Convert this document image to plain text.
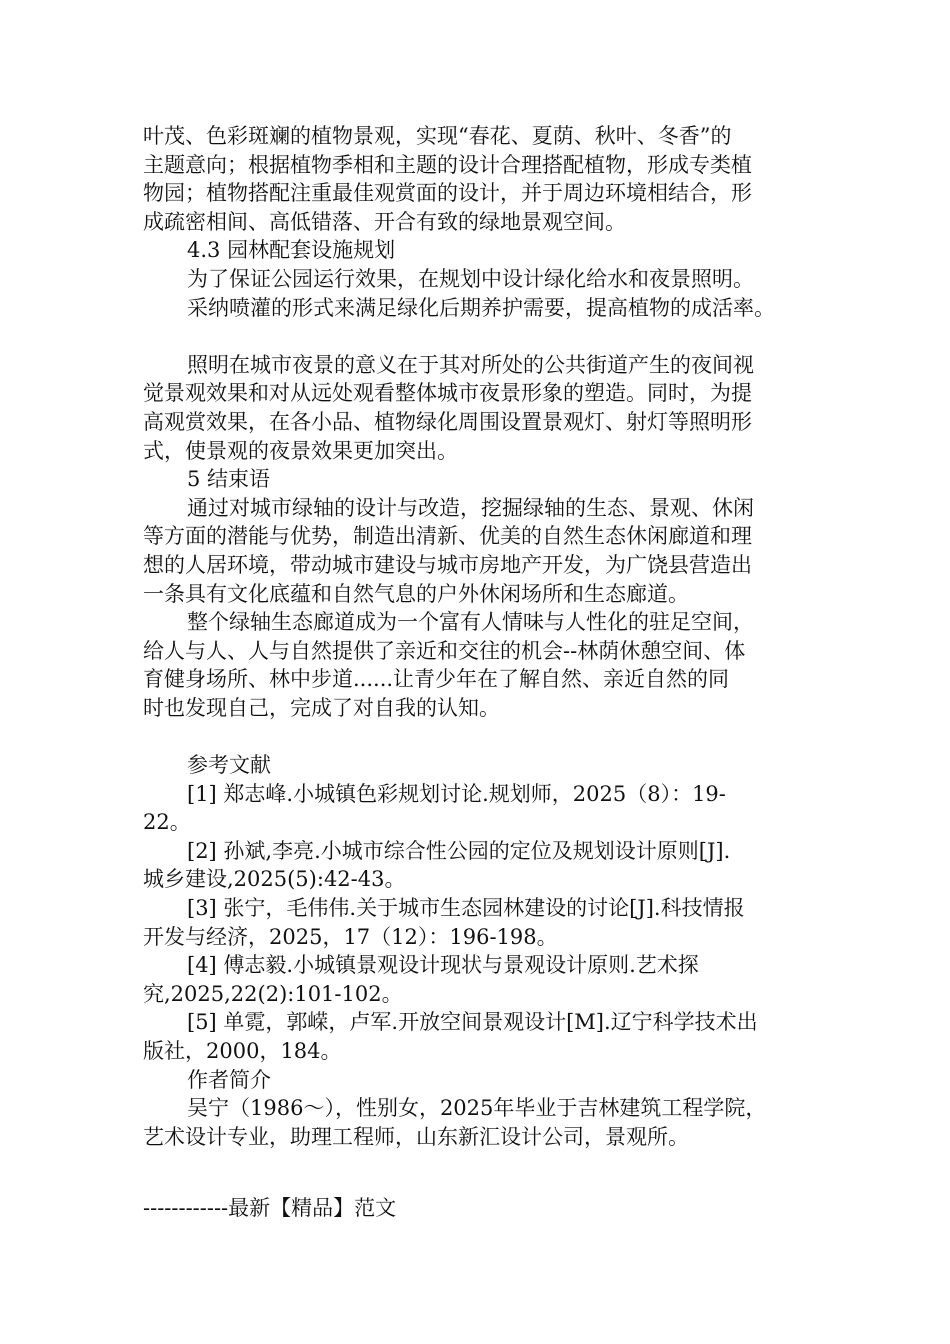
叶茂、色彩斑斓的植物景观，实现“春花、夏荫、秋叶、冬香”的
主题意向；根据植物季相和主题的设计合理搭配植物，形成专类植
物园；植物搭配注重最佳观赏面的设计，并于周边环境相结合，形
成疏密相间、高低错落、开合有致的绿地景观空间。
4.3 园林配套设施规划
为了保证公园运行效果，在规划中设计绿化给水和夜景照明。
采纳喷灌的形式来满足绿化后期养护需要，提高植物的成活率。
照明在城市夜景的意义在于其对所处的公共街道产生的夜间视
觉景观效果和对从远处观看整体城市夜景形象的塑造。同时，为提
高观赏效果，在各小品、植物绿化周围设置景观灯、射灯等照明形
式，使景观的夜景效果更加突出。
5 结束语
通过对城市绿轴的设计与改造，挖掘绿轴的生态、景观、休闲
等方面的潜能与优势，制造出清新、优美的自然生态休闲廊道和理
想的人居环境，带动城市建设与城市房地产开发，为广饶县营造出
一条具有文化底蕴和自然气息的户外休闲场所和生态廊道。
整个绿轴生态廊道成为一个富有人情味与人性化的驻足空间，
给人与人、人与自然提供了亲近和交往的机会--林荫休憩空间、体
育健身场所、林中步道......让青少年在了解自然、亲近自然的同
时也发现自己，完成了对自我的认知。
参考文献
[1] 郑志峰.小城镇色彩规划讨论.规划师，2025（8）：19-
22。
[2] 孙斌,李亮.小城市综合性公园的定位及规划设计原则[J].
城乡建设,2025(5):42-43。
[3] 张宁，毛伟伟.关于城市生态园林建设的讨论[J].科技情报
开发与经济，2025，17（12）：196-198。
[4] 傅志毅.小城镇景观设计现状与景观设计原则.艺术探
究,2025,22(2):101-102。
[5] 单霓，郭嵘，卢军.开放空间景观设计[M].辽宁科学技术出
版社，2000，184。
作者简介
吴宁（1986～），性别女，2025年毕业于吉林建筑工程学院，
艺术设计专业，助理工程师，山东新汇设计公司，景观所。
------------最新【精品】范文
